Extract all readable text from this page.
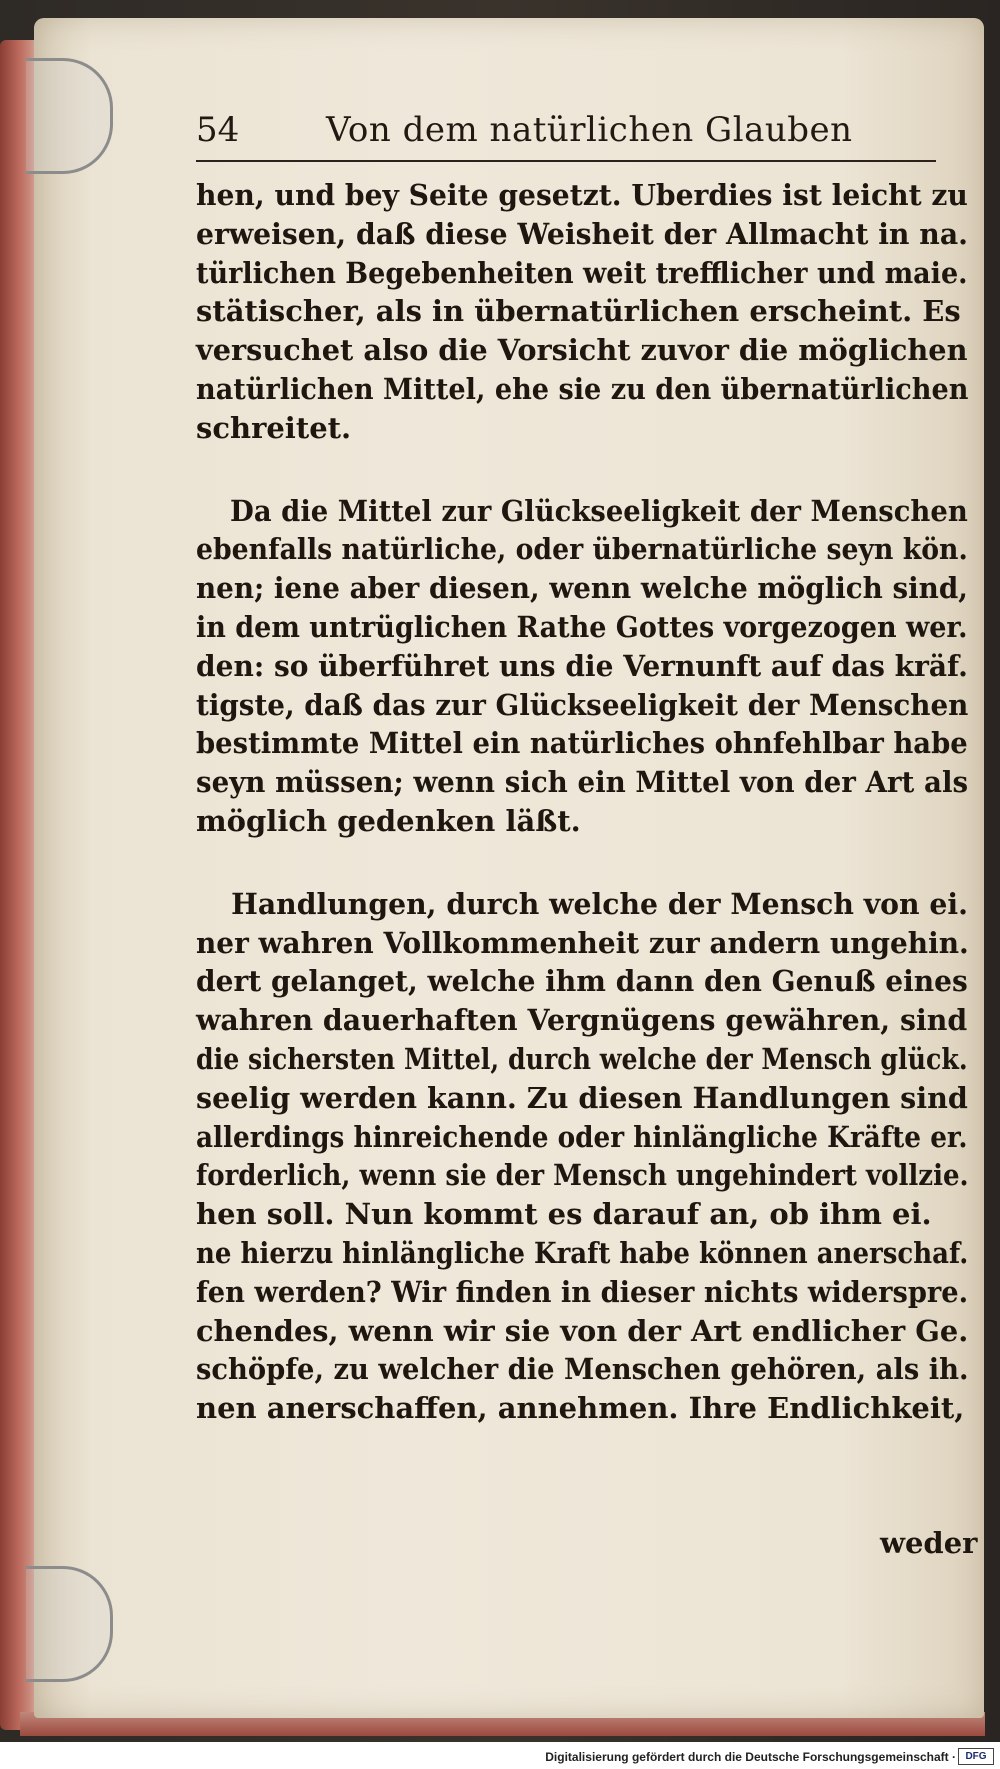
54	Von dem natürlichen Glauben
hen, und bey Seite gesetzt. Uberdies ist leicht zu
erweisen, daß diese Weisheit der Allmacht in na.
türlichen Begebenheiten weit trefflicher und maie.
stätischer, als in übernatürlichen erscheint. Es
versuchet also die Vorsicht zuvor die möglichen
natürlichen Mittel, ehe sie zu den übernatürlichen
schreitet.
Da die Mittel zur Glückseeligkeit der Menschen
ebenfalls natürliche, oder übernatürliche seyn kön.
nen; iene aber diesen, wenn welche möglich sind,
in dem untrüglichen Rathe Gottes vorgezogen wer.
den: so überführet uns die Vernunft auf das kräf.
tigste, daß das zur Glückseeligkeit der Menschen
bestimmte Mittel ein natürliches ohnfehlbar habe
seyn müssen; wenn sich ein Mittel von der Art als
möglich gedenken läßt.
Handlungen, durch welche der Mensch von ei.
ner wahren Vollkommenheit zur andern ungehin.
dert gelanget, welche ihm dann den Genuß eines
wahren dauerhaften Vergnügens gewähren, sind
die sichersten Mittel, durch welche der Mensch glück.
seelig werden kann. Zu diesen Handlungen sind
allerdings hinreichende oder hinlängliche Kräfte er.
forderlich, wenn sie der Mensch ungehindert vollzie.
hen soll. Nun kommt es darauf an, ob ihm ei.
ne hierzu hinlängliche Kraft habe können anerschaf.
fen werden? Wir finden in dieser nichts widerspre.
chendes, wenn wir sie von der Art endlicher Ge.
schöpfe, zu welcher die Menschen gehören, als ih.
nen anerschaffen, annehmen. Ihre Endlichkeit,
weder
Digitalisierung gefördert durch die Deutsche Forschungsgemeinschaft · DFG
